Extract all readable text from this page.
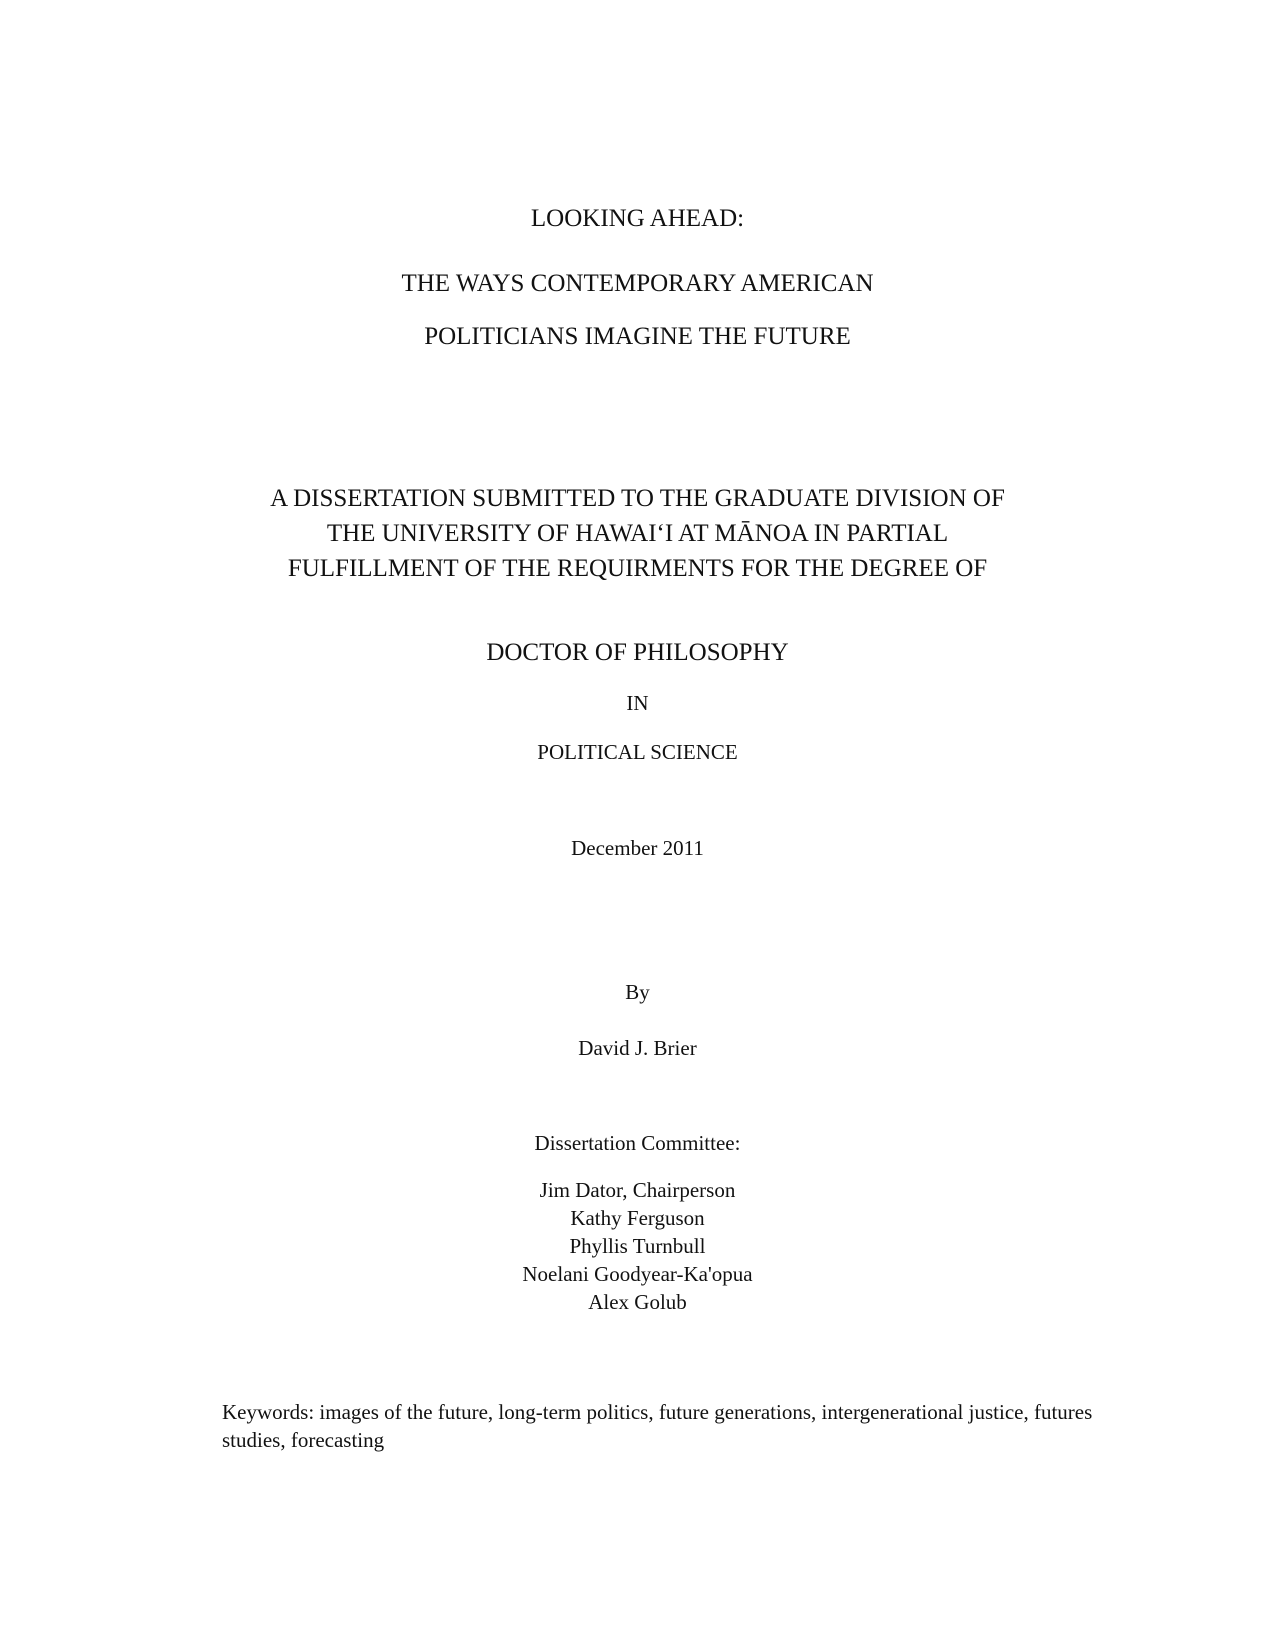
LOOKING AHEAD:
THE WAYS CONTEMPORARY AMERICAN
POLITICIANS IMAGINE THE FUTURE
A DISSERTATION SUBMITTED TO THE GRADUATE DIVISION OF
THE UNIVERSITY OF HAWAIʻI AT MĀNOA IN PARTIAL
FULFILLMENT OF THE REQUIRMENTS FOR THE DEGREE OF
DOCTOR OF PHILOSOPHY
IN
POLITICAL SCIENCE
December 2011
By
David J. Brier
Dissertation Committee:
Jim Dator, Chairperson
Kathy Ferguson
Phyllis Turnbull
Noelani Goodyear-Ka'opua
Alex Golub
Keywords: images of the future, long-term politics, future generations, intergenerational justice, futures studies, forecasting
